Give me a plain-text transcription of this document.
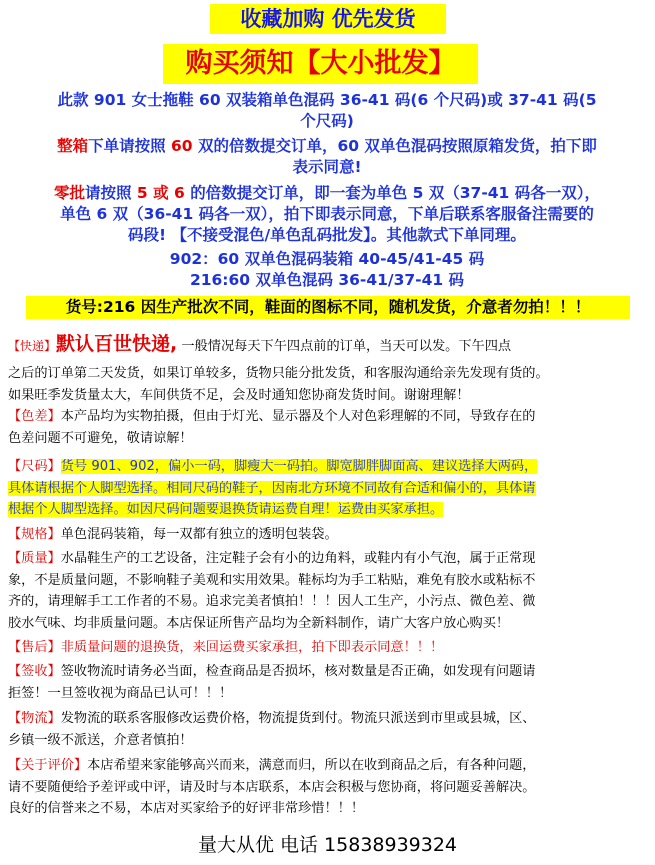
收藏加购 优先发货
购买须知【大小批发】
此款 901 女士拖鞋 60 双装箱单色混码 36-41 码(6 个尺码)或 37-41 码(5
个尺码)
整箱下单请按照 60 双的倍数提交订单，60 双单色混码按照原箱发货，拍下即
表示同意!
零批请按照 5 或 6 的倍数提交订单，即一套为单色 5 双（37-41 码各一双），
单色 6 双（36-41 码各一双），拍下即表示同意，下单后联系客服备注需要的
码段! 【不接受混色/单色乱码批发】。其他款式下单同理。
902：60 双单色混码装箱 40-45/41-45 码
216:60 双单色混码 36-41/37-41 码
货号:216 因生产批次不同，鞋面的图标不同，随机发货，介意者勿拍！！！
【快递】默认百世快递, 一般情况每天下午四点前的订单，当天可以发。下午四点
之后的订单第二天发货，如果订单较多，货物只能分批发货，和客服沟通给亲先发现有货的。
如果旺季发货量太大，车间供货不足，会及时通知您协商发货时间。谢谢理解！
【色差】本产品均为实物拍摄，但由于灯光、显示器及个人对色彩理解的不同，导致存在的
色差问题不可避免，敬请谅解！
【尺码】货号 901、902，偏小一码，脚瘦大一码拍。脚宽脚胖脚面高、建议选择大两码，
具体请根据个人脚型选择。相同尺码的鞋子，因南北方环境不同故有合适和偏小的，具体请
根据个人脚型选择。如因尺码问题要退换货请运费自理！运费由买家承担。
【规格】单色混码装箱，每一双都有独立的透明包装袋。
【质量】水晶鞋生产的工艺设备，注定鞋子会有小的边角料，或鞋内有小气泡，属于正常现
象，不是质量问题，不影响鞋子美观和实用效果。鞋标均为手工粘贴，难免有胶水或粘标不
齐的，请理解手工工作者的不易。追求完美者慎拍！！！因人工生产，小污点、微色差、微
胶水气味、均非质量问题。本店保证所售产品均为全新料制作，请广大客户放心购买！
【售后】非质量问题的退换货，来回运费买家承担，拍下即表示同意！！！
【签收】签收物流时请务必当面，检查商品是否损坏，核对数量是否正确，如发现有问题请
拒签！一旦签收视为商品已认可！！！
【物流】发物流的联系客服修改运费价格，物流提货到付。物流只派送到市里或县城，区、
乡镇一级不派送，介意者慎拍！
【关于评价】本店希望来家能够高兴而来，满意而归，所以在收到商品之后，有各种问题，
请不要随便给予差评或中评，请及时与本店联系，本店会积极与您协商，将问题妥善解决。
良好的信誉来之不易，本店对买家给予的好评非常珍惜！！！
量大从优 电话 15838939324
